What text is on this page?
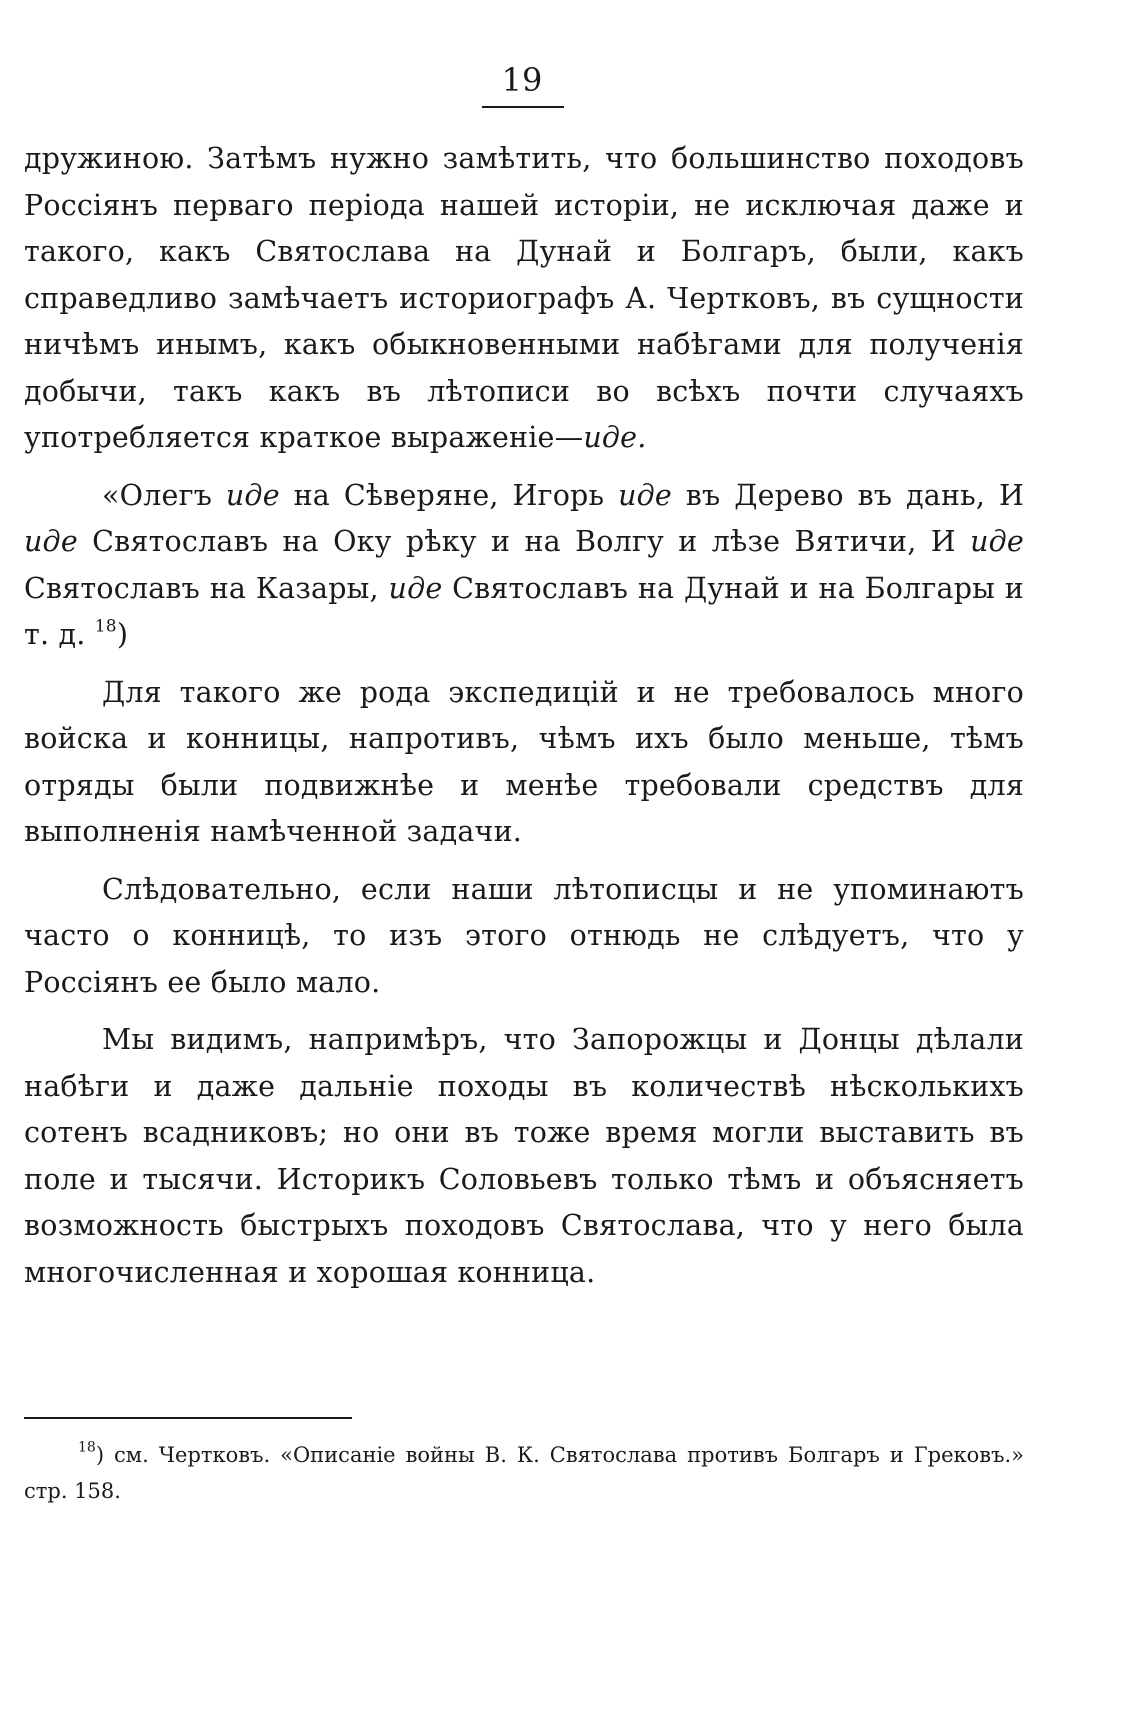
19

дружиною. Затѣмъ нужно замѣтить, что большинство походовъ Россіянъ перваго періода нашей исторіи, не исключая даже и такого, какъ Святослава на Дунай и Болгаръ, были, какъ справедливо замѣчаетъ историографъ А. Чертковъ, въ сущности ничѣмъ инымъ, какъ обыкновенными набѣгами для полученія добычи, такъ какъ въ лѣтописи во всѣхъ почти случаяхъ употребляется краткое выраженіе—иде.

«Олегъ иде на Сѣверяне, Игорь иде въ Дерево въ дань, И иде Святославъ на Оку рѣку и на Волгу и лѣзе Вятичи, И иде Святославъ на Казары, иде Святославъ на Дунай и на Болгары и т. д. $^{18}$)

Для такого же рода экспедицій и не требовалось много войска и конницы, напротивъ, чѣмъ ихъ было меньше, тѣмъ отряды были подвижнѣе и менѣе требовали средствъ для выполненія намѣченной задачи.

Слѣдовательно, если наши лѣтописцы и не упоминаютъ часто о конницѣ, то изъ этого отнюдь не слѣдуетъ, что у Россіянъ ее было мало.

Мы видимъ, напримѣръ, что Запорожцы и Донцы дѣлали набѣги и даже дальніе походы въ количествѣ нѣсколькихъ сотенъ всадниковъ; но они въ тоже время могли выставить въ поле и тысячи. Историкъ Соловьевъ только тѣмъ и объясняетъ возможность быстрыхъ походовъ Святослава, что у него была многочисленная и хорошая конница.

$^{18}$) см. Чертковъ. «Описаніе войны В. К. Святослава противъ Болгаръ и Грековъ.» стр. 158.
